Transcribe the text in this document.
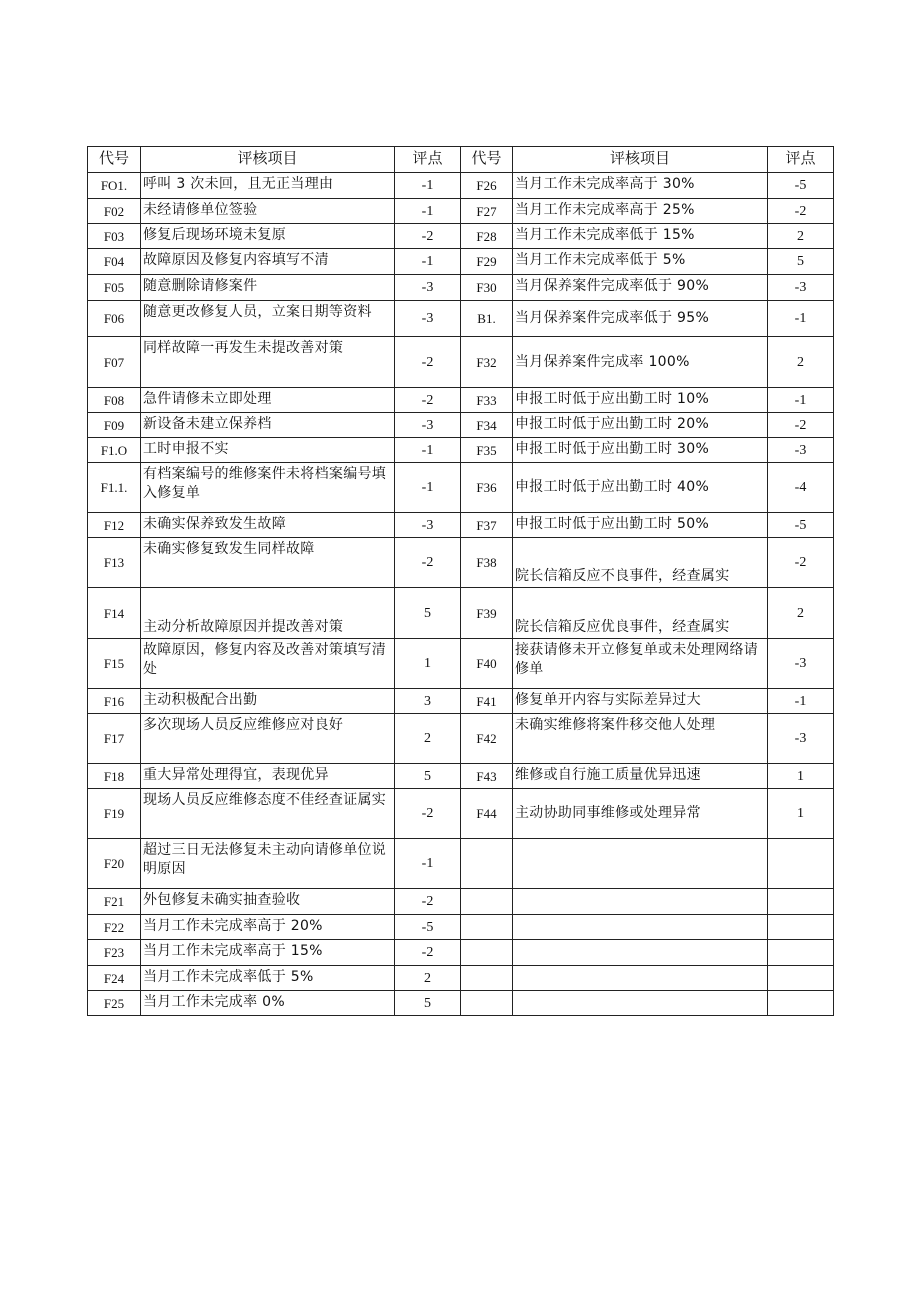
代号	评核项目	评点	代号	评核项目	评点
FO1.	呼叫 3 次未回，且无正当理由	-1	F26	当月工作未完成率高于 30%	-5
F02	未经请修单位签验	-1	F27	当月工作未完成率高于 25%	-2
F03	修复后现场环境未复原	-2	F28	当月工作未完成率低于 15%	2
F04	故障原因及修复内容填写不清	-1	F29	当月工作未完成率低于 5%	5
F05	随意删除请修案件	-3	F30	当月保养案件完成率低于 90%	-3
F06	随意更改修复人员，立案日期等资料	-3	B1.	当月保养案件完成率低于 95%	-1
F07	同样故障一再发生未提改善对策	-2	F32	当月保养案件完成率 100%	2
F08	急件请修未立即处理	-2	F33	申报工时低于应出勤工时 10%	-1
F09	新设备未建立保养档	-3	F34	申报工时低于应出勤工时 20%	-2
F1.O	工时申报不实	-1	F35	申报工时低于应出勤工时 30%	-3
F1.1.	有档案编号的维修案件未将档案编号填入修复单	-1	F36	申报工时低于应出勤工时 40%	-4
F12	未确实保养致发生故障	-3	F37	申报工时低于应出勤工时 50%	-5
F13	未确实修复致发生同样故障	-2	F38	院长信箱反应不良事件，经查属实	-2
F14	主动分析故障原因并提改善对策	5	F39	院长信箱反应优良事件，经查属实	2
F15	故障原因，修复内容及改善对策填写清处	1	F40	接获请修未开立修复单或未处理网络请修单	-3
F16	主动积极配合出勤	3	F41	修复单开内容与实际差异过大	-1
F17	多次现场人员反应维修应对良好	2	F42	未确实维修将案件移交他人处理	-3
F18	重大异常处理得宜，表现优异	5	F43	维修或自行施工质量优异迅速	1
F19	现场人员反应维修态度不佳经查证属实	-2	F44	主动协助同事维修或处理异常	1
F20	超过三日无法修复未主动向请修单位说明原因	-1			
F21	外包修复未确实抽查验收	-2			
F22	当月工作未完成率高于 20%	-5			
F23	当月工作未完成率高于 15%	-2			
F24	当月工作未完成率低于 5%	2			
F25	当月工作未完成率 0%	5			
